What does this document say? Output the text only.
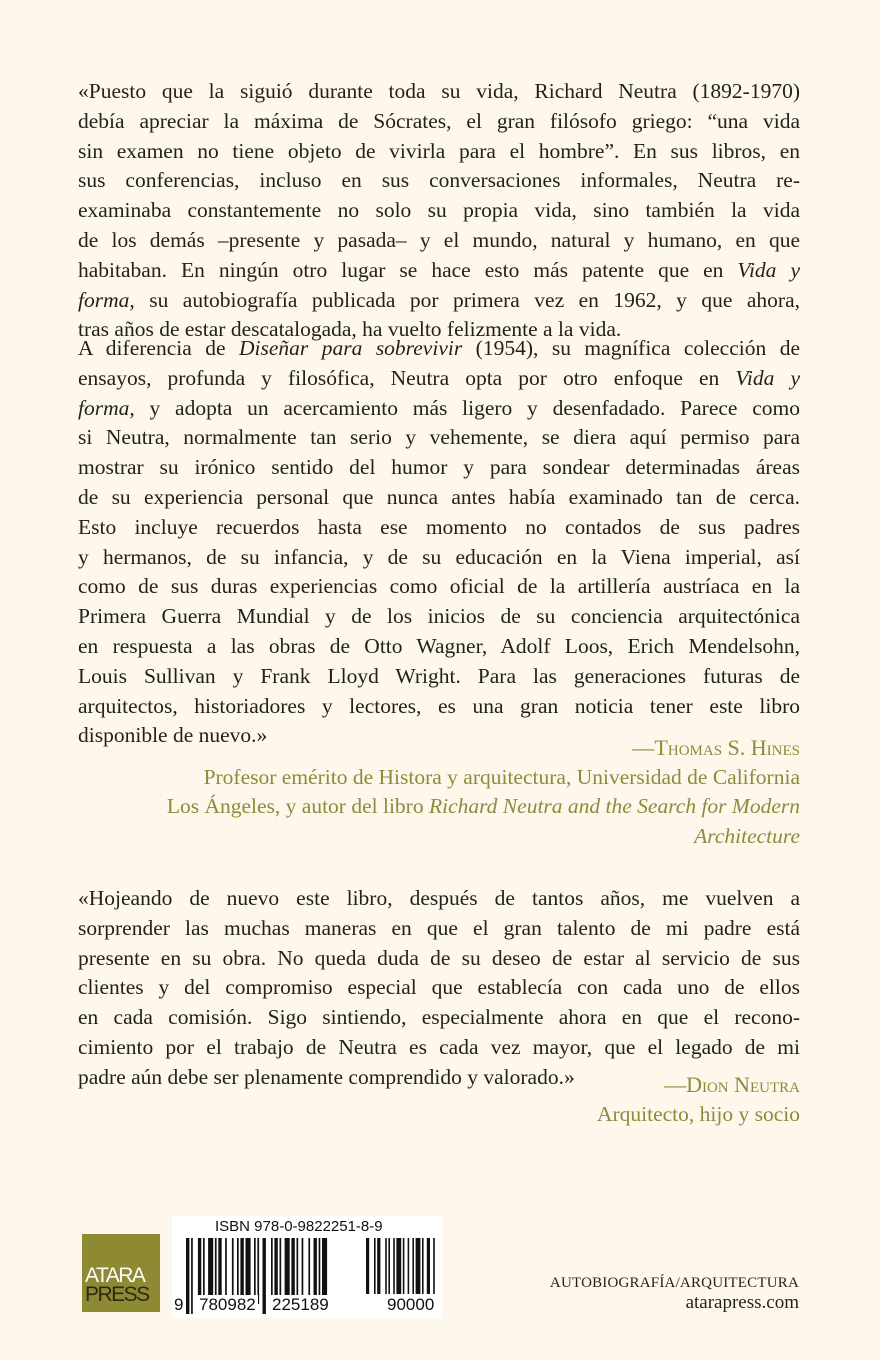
«Puesto que la siguió durante toda su vida, Richard Neutra (1892-1970)
debía apreciar la máxima de Sócrates, el gran filósofo griego: “una vida
sin examen no tiene objeto de vivirla para el hombre”. En sus libros, en
sus conferencias, incluso en sus conversaciones informales, Neutra re-
examinaba constantemente no solo su propia vida, sino también la vida
de los demás –presente y pasada– y el mundo, natural y humano, en que
habitaban. En ningún otro lugar se hace esto más patente que en Vida y
forma, su autobiografía publicada por primera vez en 1962, y que ahora,
tras años de estar descatalogada, ha vuelto felizmente a la vida.
A diferencia de Diseñar para sobrevivir (1954), su magnífica colección de
ensayos, profunda y filosófica, Neutra opta por otro enfoque en Vida y
forma, y adopta un acercamiento más ligero y desenfadado. Parece como
si Neutra, normalmente tan serio y vehemente, se diera aquí permiso para
mostrar su irónico sentido del humor y para sondear determinadas áreas
de su experiencia personal que nunca antes había examinado tan de cerca.
Esto incluye recuerdos hasta ese momento no contados de sus padres
y hermanos, de su infancia, y de su educación en la Viena imperial, así
como de sus duras experiencias como oficial de la artillería austríaca en la
Primera Guerra Mundial y de los inicios de su conciencia arquitectónica
en respuesta a las obras de Otto Wagner, Adolf Loos, Erich Mendelsohn,
Louis Sullivan y Frank Lloyd Wright. Para las generaciones futuras de
arquitectos, historiadores y lectores, es una gran noticia tener este libro
disponible de nuevo.»	—Thomas S. Hines
Profesor emérito de Histora y arquitectura, Universidad de California
Los Ángeles, y autor del libro Richard Neutra and the Search for Modern
Architecture
«Hojeando de nuevo este libro, después de tantos años, me vuelven a
sorprender las muchas maneras en que el gran talento de mi padre está
presente en su obra. No queda duda de su deseo de estar al servicio de sus
clientes y del compromiso especial que establecía con cada uno de ellos
en cada comisión. Sigo sintiendo, especialmente ahora en que el recono-
cimiento por el trabajo de Neutra es cada vez mayor, que el legado de mi
padre aún debe ser plenamente comprendido y valorado.»	—Dion Neutra
Arquitecto, hijo y socio
ATARA
PRESS
ISBN 978-0-9822251-8-9
9 780982 225189	90000
AUTOBIOGRAFÍA/ARQUITECTURA
atarapress.com
